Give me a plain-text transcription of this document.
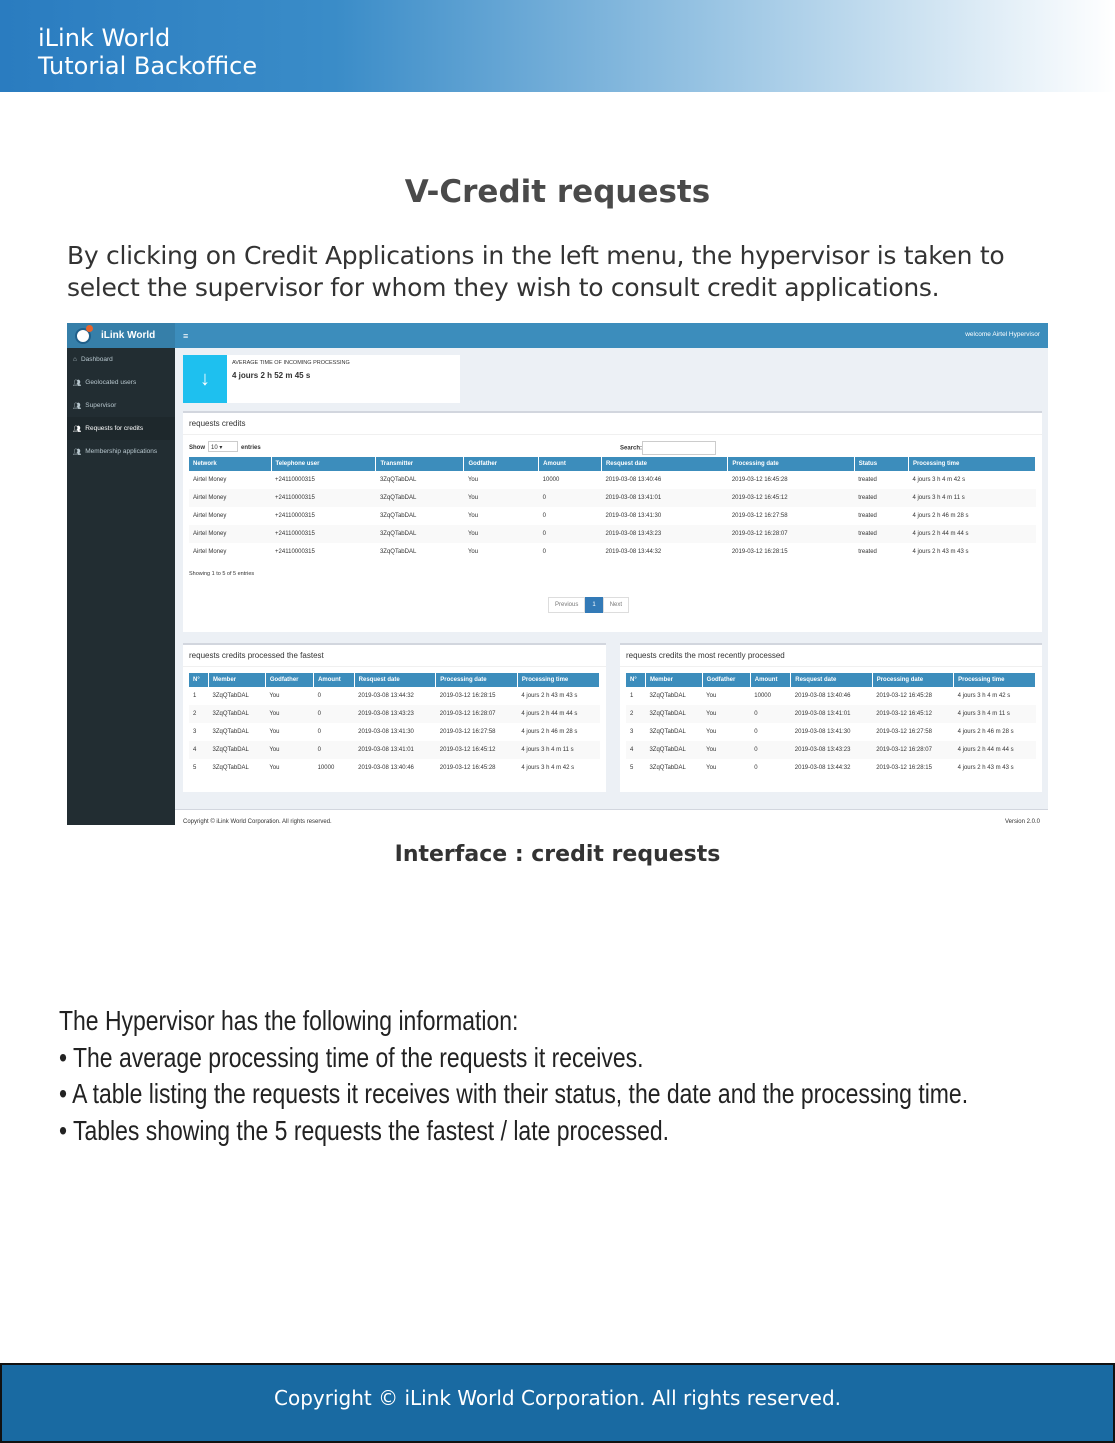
iLink World
Tutorial Backoffice
V-Credit requests
By clicking on Credit Applications in the left menu, the hypervisor is taken to select the supervisor for whom they wish to consult credit applications.
iLink World
⌂ Dashboard
👥︎ Geolocated users
👥︎ Supervisor
👥︎ Requests for credits
👥︎ Membership applications
≡	welcome Airtel Hypervisor
↓
AVERAGE TIME OF INCOMING PROCESSING
4 jours 2 h 52 m 45 s
requests credits
Show 10 ▾	entries	Search:
Network	Telephone user	Transmitter	Godfather	Amount	Resquest date	Processing date	Status	Processing time
Airtel Money	+24110000315	3ZqQTabDAL	You	10000	2019-03-08 13:40:46	2019-03-12 16:45:28	treated	4 jours 3 h 4 m 42 s
Airtel Money	+24110000315	3ZqQTabDAL	You	0	2019-03-08 13:41:01	2019-03-12 16:45:12	treated	4 jours 3 h 4 m 11 s
Airtel Money	+24110000315	3ZqQTabDAL	You	0	2019-03-08 13:41:30	2019-03-12 16:27:58	treated	4 jours 2 h 46 m 28 s
Airtel Money	+24110000315	3ZqQTabDAL	You	0	2019-03-08 13:43:23	2019-03-12 16:28:07	treated	4 jours 2 h 44 m 44 s
Airtel Money	+24110000315	3ZqQTabDAL	You	0	2019-03-08 13:44:32	2019-03-12 16:28:15	treated	4 jours 2 h 43 m 43 s
Showing 1 to 5 of 5 entries
Previous	1	Next
requests credits processed the fastest
N°	Member	Godfather	Amount	Resquest date	Processing date	Processing time
1	3ZqQTabDAL	You	0	2019-03-08 13:44:32	2019-03-12 16:28:15	4 jours 2 h 43 m 43 s
2	3ZqQTabDAL	You	0	2019-03-08 13:43:23	2019-03-12 16:28:07	4 jours 2 h 44 m 44 s
3	3ZqQTabDAL	You	0	2019-03-08 13:41:30	2019-03-12 16:27:58	4 jours 2 h 46 m 28 s
4	3ZqQTabDAL	You	0	2019-03-08 13:41:01	2019-03-12 16:45:12	4 jours 3 h 4 m 11 s
5	3ZqQTabDAL	You	10000	2019-03-08 13:40:46	2019-03-12 16:45:28	4 jours 3 h 4 m 42 s
requests credits the most recently processed
N°	Member	Godfather	Amount	Resquest date	Processing date	Processing time
1	3ZqQTabDAL	You	10000	2019-03-08 13:40:46	2019-03-12 16:45:28	4 jours 3 h 4 m 42 s
2	3ZqQTabDAL	You	0	2019-03-08 13:41:01	2019-03-12 16:45:12	4 jours 3 h 4 m 11 s
3	3ZqQTabDAL	You	0	2019-03-08 13:41:30	2019-03-12 16:27:58	4 jours 2 h 46 m 28 s
4	3ZqQTabDAL	You	0	2019-03-08 13:43:23	2019-03-12 16:28:07	4 jours 2 h 44 m 44 s
5	3ZqQTabDAL	You	0	2019-03-08 13:44:32	2019-03-12 16:28:15	4 jours 2 h 43 m 43 s
Copyright © iLink World Corporation. All rights reserved.	Version 2.0.0
Interface : credit requests
The Hypervisor has the following information:
• The average processing time of the requests it receives.
• A table listing the requests it receives with their status, the date and the processing time.
• Tables showing the 5 requests the fastest / late processed.
Copyright © iLink World Corporation. All rights reserved.
